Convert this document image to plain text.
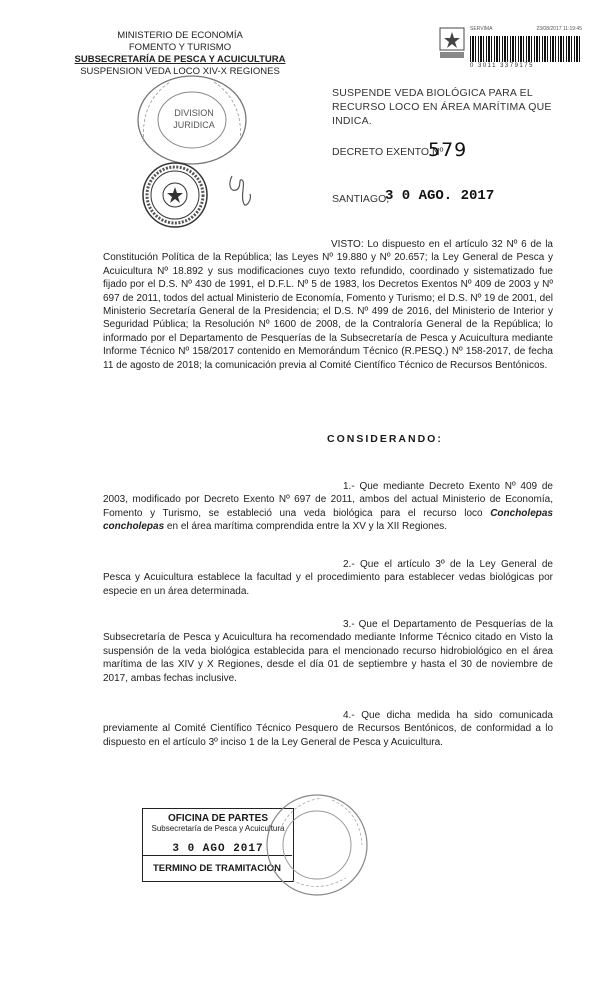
MINISTERIO DE ECONOMÍA
FOMENTO Y TURISMO
SUBSECRETARÍA DE PESCA Y ACUICULTURA
SUSPENSION VEDA LOCO XIV-X REGIONES
SERVIMA	23/08/2017 11:19:45
0 3011 3379175
DIVISION
JURIDICA
SUSPENDE VEDA BIOLÓGICA PARA EL RECURSO LOCO EN ÁREA MARÍTIMA QUE INDICA.
DECRETO EXENTO Nº
579
SANTIAGO,
3 0 AGO. 2017
VISTO: Lo dispuesto en el artículo 32 Nº 6 de la Constitución Política de la República; las Leyes Nº 19.880 y Nº 20.657; la Ley General de Pesca y Acuicultura Nº 18.892 y sus modificaciones cuyo texto refundido, coordinado y sistematizado fue fijado por el D.S. Nº 430 de 1991, el D.F.L. Nº 5 de 1983, los Decretos Exentos Nº 409 de 2003 y Nº 697 de 2011, todos del actual Ministerio de Economía, Fomento y Turismo; el D.S. Nº 19 de 2001, del Ministerio Secretaría General de la Presidencia; el D.S. Nº 499 de 2016, del Ministerio de Interior y Seguridad Pública; la Resolución Nº 1600 de 2008, de la Contraloría General de la República; lo informado por el Departamento de Pesquerías de la Subsecretaría de Pesca y Acuicultura mediante Informe Técnico Nº 158/2017 contenido en Memorándum Técnico (R.PESQ.) Nº 158-2017, de fecha 11 de agosto de 2018; la comunicación previa al Comité Científico Técnico de Recursos Bentónicos.
CONSIDERANDO:
1.- Que mediante Decreto Exento Nº 409 de 2003, modificado por Decreto Exento Nº 697 de 2011, ambos del actual Ministerio de Economía, Fomento y Turismo, se estableció una veda biológica para el recurso loco Concholepas concholepas en el área marítima comprendida entre la XV y la XII Regiones.
2.- Que el artículo 3º de la Ley General de Pesca y Acuicultura establece la facultad y el procedimiento para establecer vedas biológicas por especie en un área determinada.
3.- Que el Departamento de Pesquerías de la Subsecretaría de Pesca y Acuicultura ha recomendado mediante Informe Técnico citado en Visto la suspensión de la veda biológica establecida para el mencionado recurso hidrobiológico en el área marítima de las XIV y X Regiones, desde el día 01 de septiembre y hasta el 30 de noviembre de 2017, ambas fechas inclusive.
4.- Que dicha medida ha sido comunicada previamente al Comité Científico Técnico Pesquero de Recursos Bentónicos, de conformidad a lo dispuesto en el artículo 3º inciso 1 de la Ley General de Pesca y Acuicultura.
OFICINA DE PARTES
Subsecretaría de Pesca y Acuicultura
3 0 AGO 2017
TERMINO DE TRAMITACION
